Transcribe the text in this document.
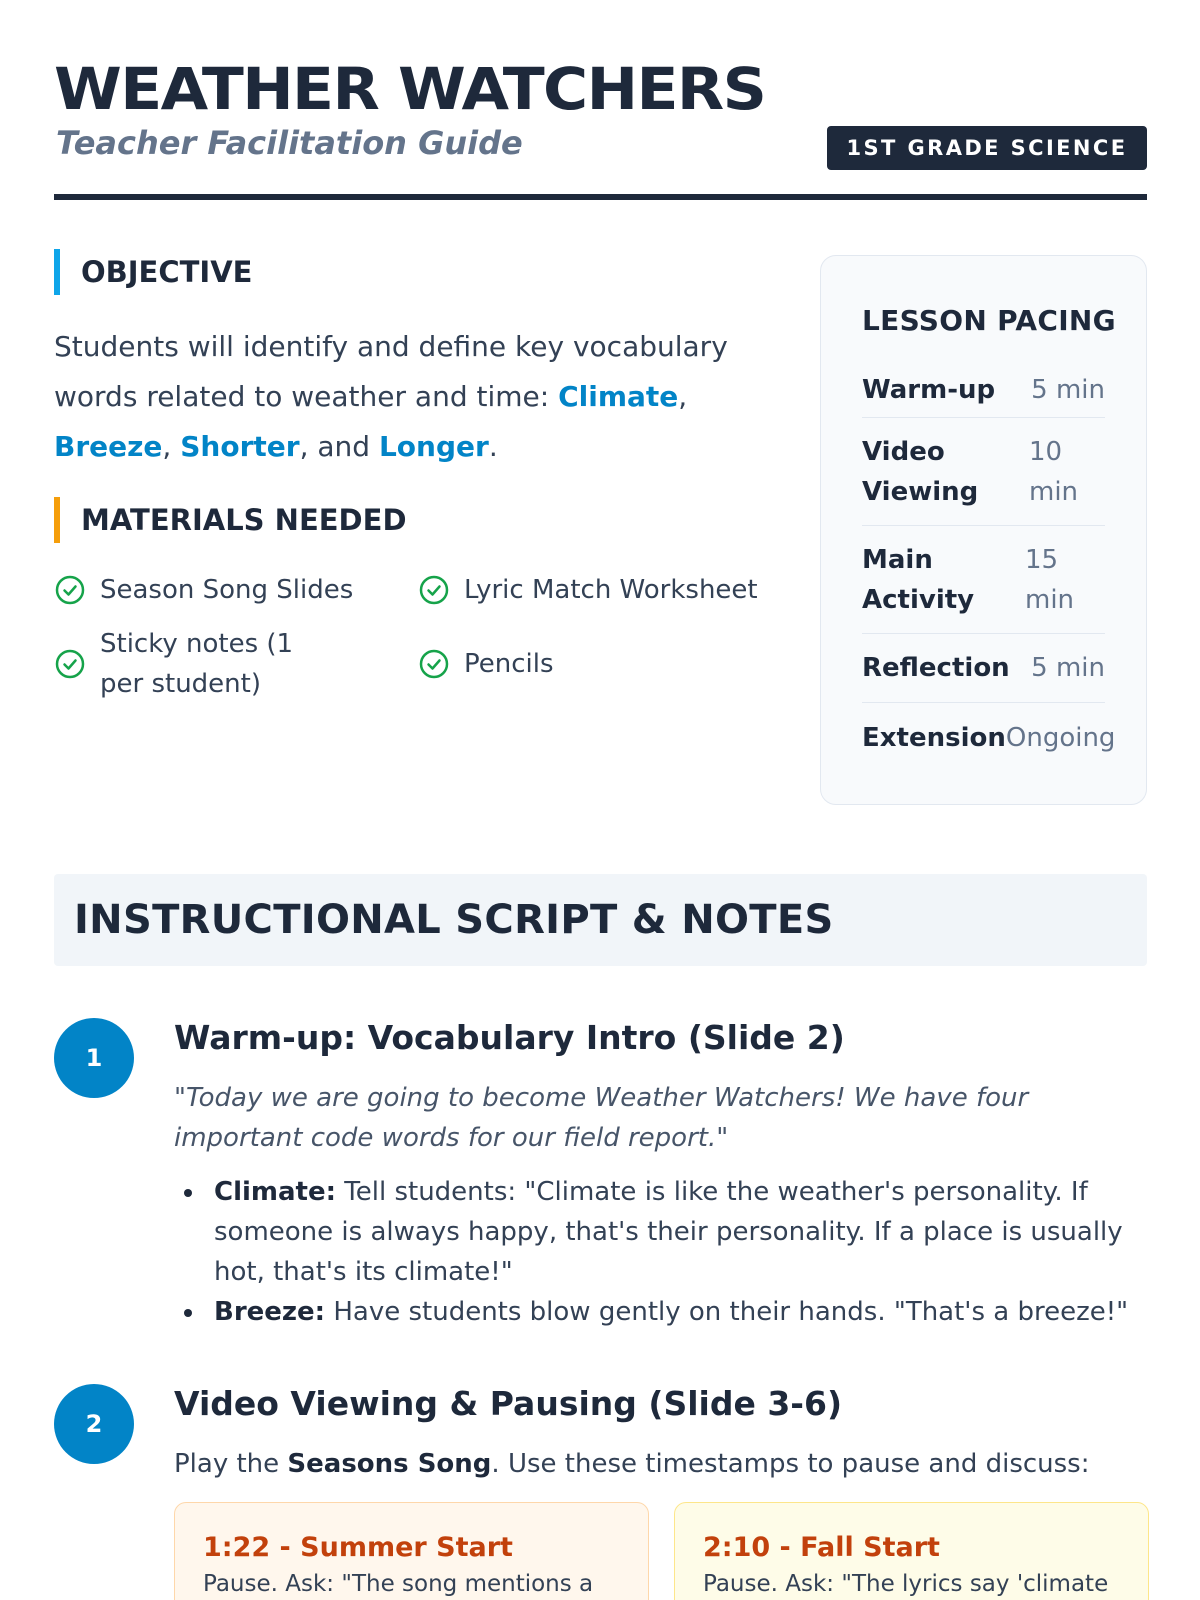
WEATHER WATCHERS
Teacher Facilitation Guide	1ST GRADE SCIENCE
OBJECTIVE

Students will identify and define key vocabulary words related to weather and time: Climate,
Breeze, Shorter, and Longer.

MATERIALS NEEDED
Season Song Slides	Lyric Match Worksheet
Sticky notes (1 per student)
Pencils
LESSON PACING
Warm-up 5 min
Video Viewing
10 min
Main Activity
15 min
Reflection 5 min
Extension Ongoing
INSTRUCTIONAL SCRIPT & NOTES
1
Warm-up: Vocabulary Intro (Slide 2)

"Today we are going to become Weather Watchers! We have four important code words for our field report."

Climate: Tell students: "Climate is like the weather's personality. If someone is always happy, that's their personality. If a place is usually hot, that's its climate!"
Breeze: Have students blow gently on their hands. "That's a breeze!"
2
Video Viewing & Pausing (Slide 3-6)

Play the Seasons Song. Use these timestamps to pause and discuss:

1:22 - Summer Start
Pause. Ask: "The song mentions a
2:10 - Fall Start
Pause. Ask: "The lyrics say 'climate
